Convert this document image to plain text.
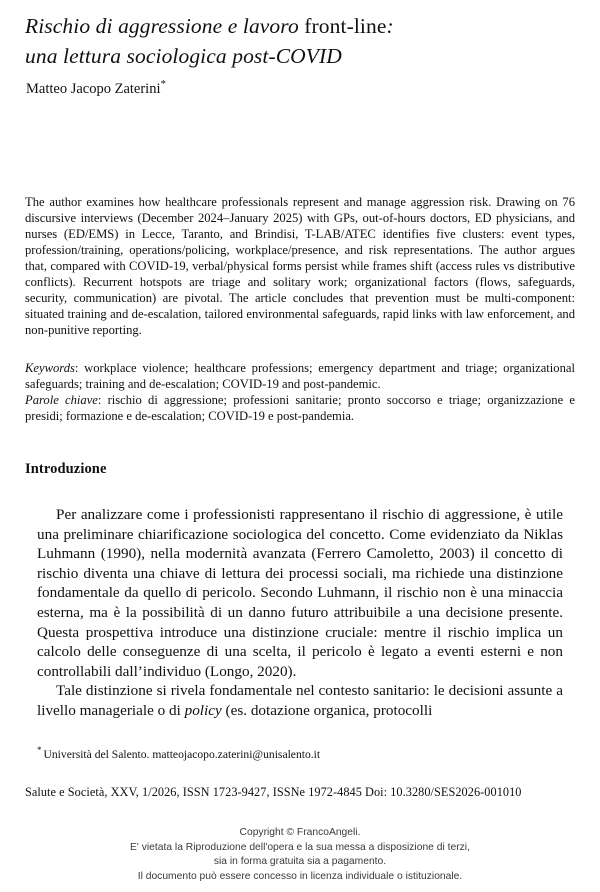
Rischio di aggressione e lavoro front-line:
una lettura sociologica post-COVID
Matteo Jacopo Zaterini*

The author examines how healthcare professionals represent and manage aggression risk. Drawing on 76 discursive interviews (December 2024–January 2025) with GPs, out-of-hours doctors, ED physicians, and nurses (ED/EMS) in Lecce, Taranto, and Brindisi, T-LAB/ATEC identifies five clusters: event types, profession/training, operations/policing, workplace/presence, and risk representations. The author argues that, compared with COVID-19, verbal/physical forms persist while frames shift (access rules vs distributive conflicts). Recurrent hotspots are triage and solitary work; organizational factors (flows, safeguards, security, communication) are pivotal. The article concludes that prevention must be multi-component: situated training and de-escalation, tailored environmental safeguards, rapid links with law enforcement, and non-punitive reporting.

Keywords: workplace violence; healthcare professions; emergency department and triage; organizational safeguards; training and de-escalation; COVID-19 and post-pandemic.

Parole chiave: rischio di aggressione; professioni sanitarie; pronto soccorso e triage; organizzazione e presidi; formazione e de-escalation; COVID-19 e post-pandemia.

Introduzione

Per analizzare come i professionisti rappresentano il rischio di aggressione, è utile una preliminare chiarificazione sociologica del concetto. Come evidenziato da Niklas Luhmann (1990), nella modernità avanzata (Ferrero Camoletto, 2003) il concetto di rischio diventa una chiave di lettura dei processi sociali, ma richiede una distinzione fondamentale da quello di pericolo. Secondo Luhmann, il rischio non è una minaccia esterna, ma è la possibilità di un danno futuro attribuibile a una decisione presente. Questa prospettiva introduce una distinzione cruciale: mentre il rischio implica un calcolo delle conseguenze di una scelta, il pericolo è legato a eventi esterni e non controllabili dall’individuo (Longo, 2020).

Tale distinzione si rivela fondamentale nel contesto sanitario: le decisioni assunte a livello manageriale o di policy (es. dotazione organica, protocolli

* Università del Salento. matteojacopo.zaterini@unisalento.it
Salute e Società, XXV, 1/2026, ISSN 1723-9427, ISSNe 1972-4845 Doi: 10.3280/SES2026-001010
Copyright © FrancoAngeli.
E' vietata la Riproduzione dell'opera e la sua messa a disposizione di terzi,
sia in forma gratuita sia a pagamento.
Il documento può essere concesso in licenza individuale o istituzionale.
